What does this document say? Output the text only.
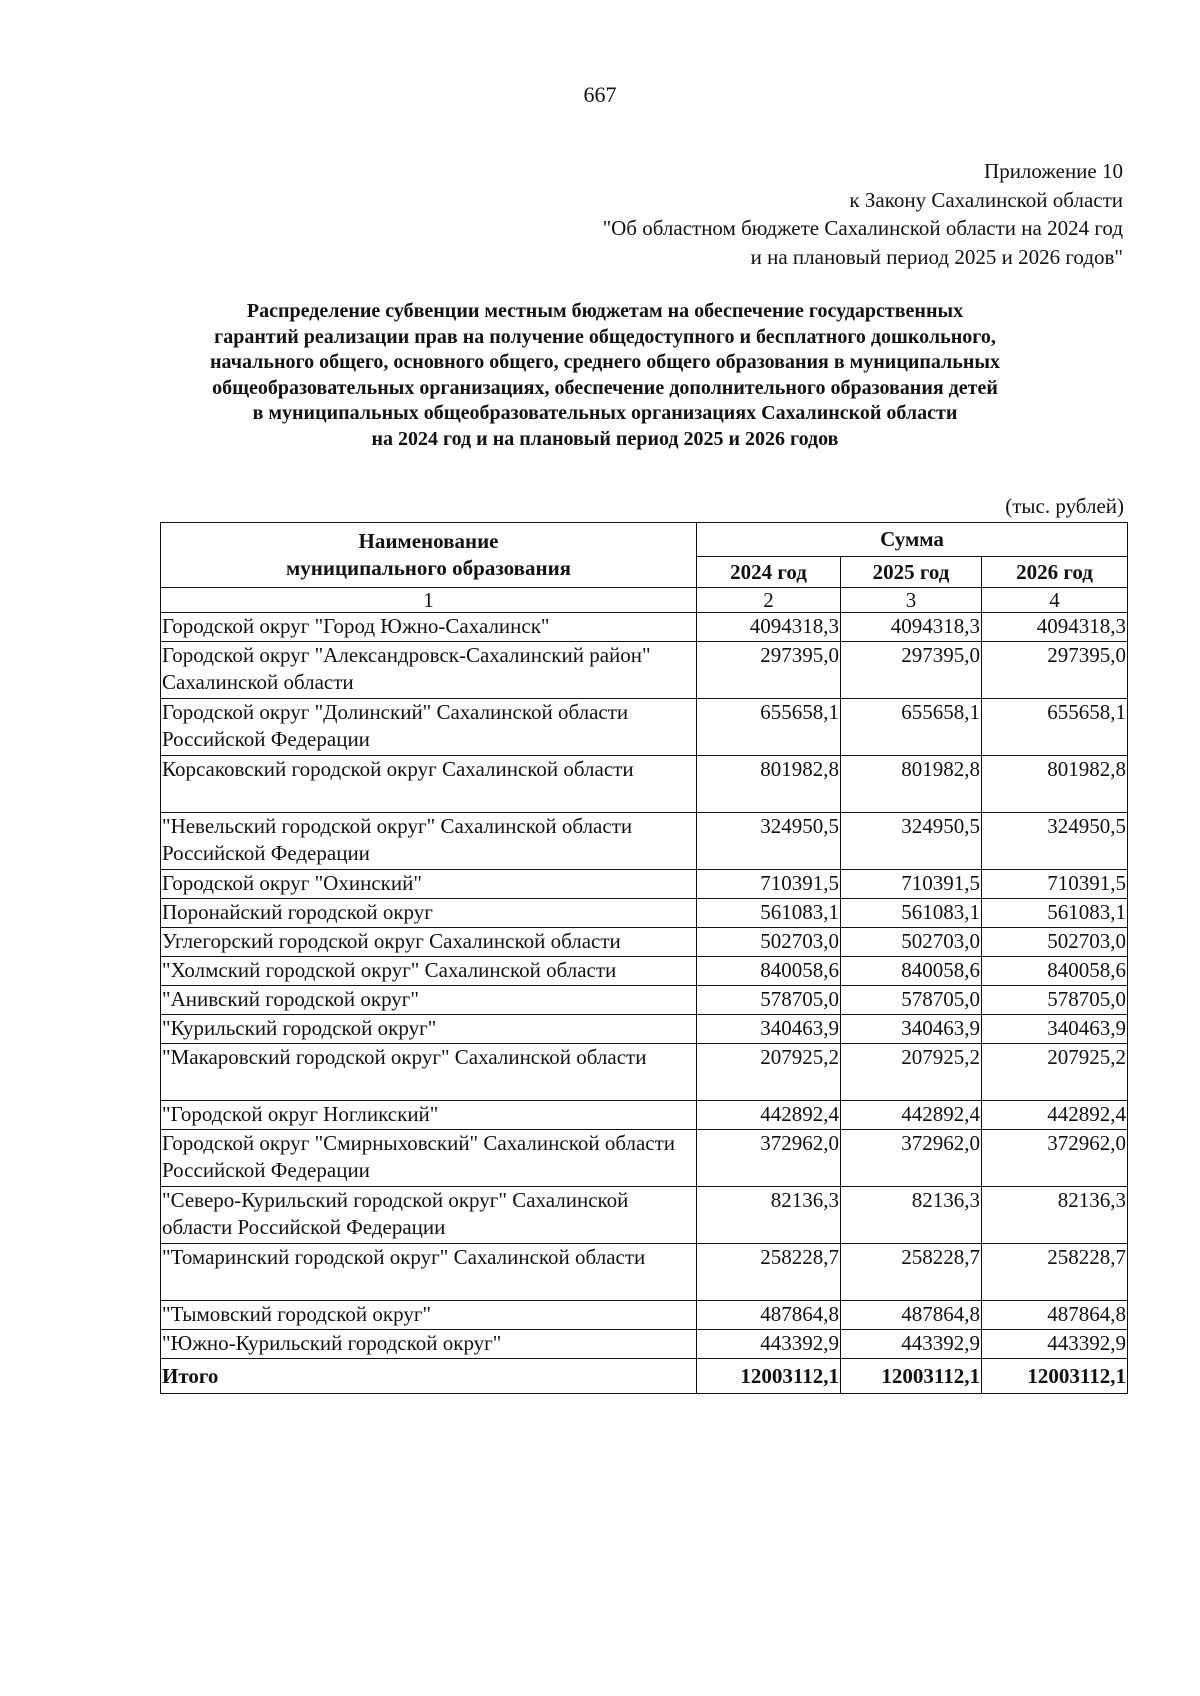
667
Приложение 10
к Закону Сахалинской области
"Об областном бюджете Сахалинской области на 2024 год
и на плановый период 2025 и 2026 годов"
Распределение субвенции местным бюджетам на обеспечение государственных
гарантий реализации прав на получение общедоступного и бесплатного дошкольного,
начального общего, основного общего, среднего общего образования в муниципальных
общеобразовательных организациях, обеспечение дополнительного образования детей
в муниципальных общеобразовательных организациях Сахалинской области
на 2024 год и на плановый период 2025 и 2026 годов
(тыс. рублей)
Наименование
муниципального образования	Сумма		
	2024 год	2025 год	2026 год
1	2	3	4
Городской округ "Город Южно-Сахалинск"	4094318,3	4094318,3	4094318,3
Городской округ "Александровск-Сахалинский район" Сахалинской области	297395,0	297395,0	297395,0
Городской округ "Долинский" Сахалинской области Российской Федерации	655658,1	655658,1	655658,1
Корсаковский городской округ Сахалинской области	801982,8	801982,8	801982,8
"Невельский городской округ" Сахалинской области Российской Федерации	324950,5	324950,5	324950,5
Городской округ "Охинский"	710391,5	710391,5	710391,5
Поронайский городской округ	561083,1	561083,1	561083,1
Углегорский городской округ Сахалинской области	502703,0	502703,0	502703,0
"Холмский городской округ" Сахалинской области	840058,6	840058,6	840058,6
"Анивский городской округ"	578705,0	578705,0	578705,0
"Курильский городской округ"	340463,9	340463,9	340463,9
"Макаровский городской округ" Сахалинской области	207925,2	207925,2	207925,2
"Городской округ Ногликский"	442892,4	442892,4	442892,4
Городской округ "Смирныховский" Сахалинской области Российской Федерации	372962,0	372962,0	372962,0
"Северо-Курильский городской округ" Сахалинской области Российской Федерации	82136,3	82136,3	82136,3
"Томаринский городской округ" Сахалинской области	258228,7	258228,7	258228,7
"Тымовский городской округ"	487864,8	487864,8	487864,8
"Южно-Курильский городской округ"	443392,9	443392,9	443392,9
Итого	12003112,1	12003112,1	12003112,1
